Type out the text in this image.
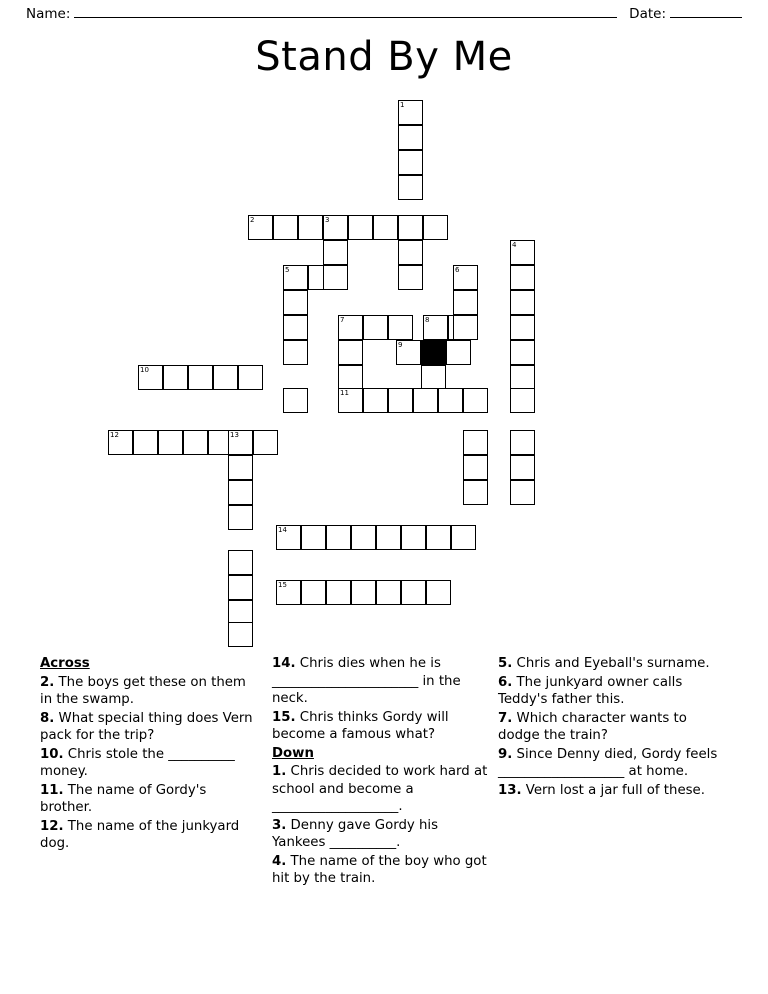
Name:	Date:
Stand By Me
1
2	3
4
5	6
7	8
9
10
11
12	13
14
15
Across

2. The boys get these on them in the swamp.

8. What special thing does Vern pack for the trip?

10. Chris stole the __________ money.

11. The name of Gordy's brother.

12. The name of the junkyard dog.

14. Chris dies when he is ______________________ in the neck.

15. Chris thinks Gordy will become a famous what?

Down

1. Chris decided to work hard at school and become a ___________________.

3. Denny gave Gordy his Yankees __________.

4. The name of the boy who got hit by the train.

5. Chris and Eyeball's surname.

6. The junkyard owner calls Teddy's father this.

7. Which character wants to dodge the train?

9. Since Denny died, Gordy feels ___________________ at home.

13. Vern lost a jar full of these.
